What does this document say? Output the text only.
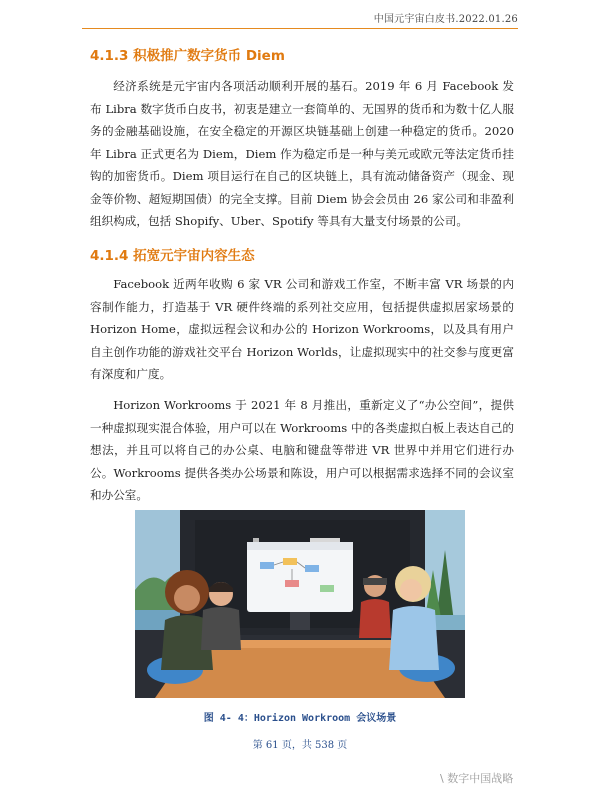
中国元宇宙白皮书.2022.01.26
4.1.3 积极推广数字货币 Diem
经济系统是元宇宙内各项活动顺利开展的基石。2019 年 6 月 Facebook 发布 Libra 数字货币白皮书，初衷是建立一套简单的、无国界的货币和为数十亿人服务的金融基础设施，在安全稳定的开源区块链基础上创建一种稳定的货币。2020 年 Libra 正式更名为 Diem，Diem 作为稳定币是一种与美元或欧元等法定货币挂钩的加密货币。Diem 项目运行在自己的区块链上，具有流动储备资产（现金、现金等价物、超短期国债）的完全支撑。目前 Diem 协会会员由 26 家公司和非盈利组织构成，包括 Shopify、Uber、Spotify 等具有大量支付场景的公司。
4.1.4 拓宽元宇宙内容生态
Facebook 近两年收购 6 家 VR 公司和游戏工作室，不断丰富 VR 场景的内容制作能力，打造基于 VR 硬件终端的系列社交应用，包括提供虚拟居家场景的 Horizon Home，虚拟远程会议和办公的 Horizon Workrooms，以及具有用户自主创作功能的游戏社交平台 Horizon Worlds，让虚拟现实中的社交参与度更富有深度和广度。
Horizon Workrooms 于 2021 年 8 月推出，重新定义了“办公空间”，提供一种虚拟现实混合体验，用户可以在 Workrooms 中的各类虚拟白板上表达自己的想法，并且可以将自己的办公桌、电脑和键盘等带进 VR 世界中并用它们进行办公。Workrooms 提供各类办公场景和陈设，用户可以根据需求选择不同的会议室和办公室。
图 4- 4：Horizon Workroom 会议场景
第 61 页，共 538 页
\ 数字中国战略
